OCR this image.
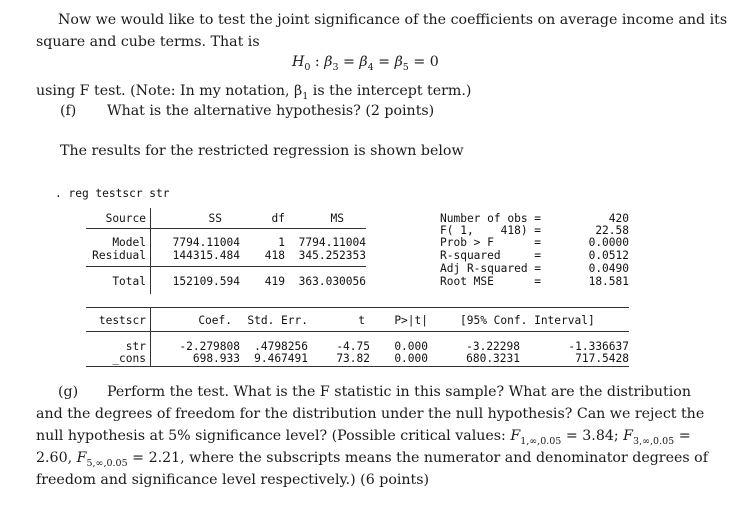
Now we would like to test the joint significance of the coefficients on average income and its
square and cube terms. That is
$H_0$ : $\beta_3 = \beta_4 = \beta_5 = 0$
using F test. (Note: In my notation, $\beta_1$ is the intercept term.)
(f) What is the alternative hypothesis? (2 points)
The results for the restricted regression is shown below
. reg testscr str
Source	SS	df	MS
Model	7794.11004	1	7794.11004
Residual	144315.484	418	345.252353
Total	152109.594	419	363.030056
Number of obs =	420
F( 1,    418) =	22.58
Prob > F      =	0.0000
R-squared     =	0.0512
Adj R-squared =	0.0490
Root MSE      =	18.581
testscr	Coef.	Std. Err.	t	P>|t|	[95% Conf. Interval]
str	-2.279808	.4798256	-4.75	0.000	-3.22298	-1.336637
_cons	698.933	9.467491	73.82	0.000	680.3231	717.5428
(g) Perform the test. What is the F statistic in this sample? What are the distribution
and the degrees of freedom for the distribution under the null hypothesis? Can we reject the
null hypothesis at 5% significance level? (Possible critical values: $F_{1,\infty,0.05} = 3.84$; $F_{3,\infty,0.05}$ =
2.60, $F_{5,\infty,0.05} = 2.21$, where the subscripts means the numerator and denominator degrees of
freedom and significance level respectively.) (6 points)
